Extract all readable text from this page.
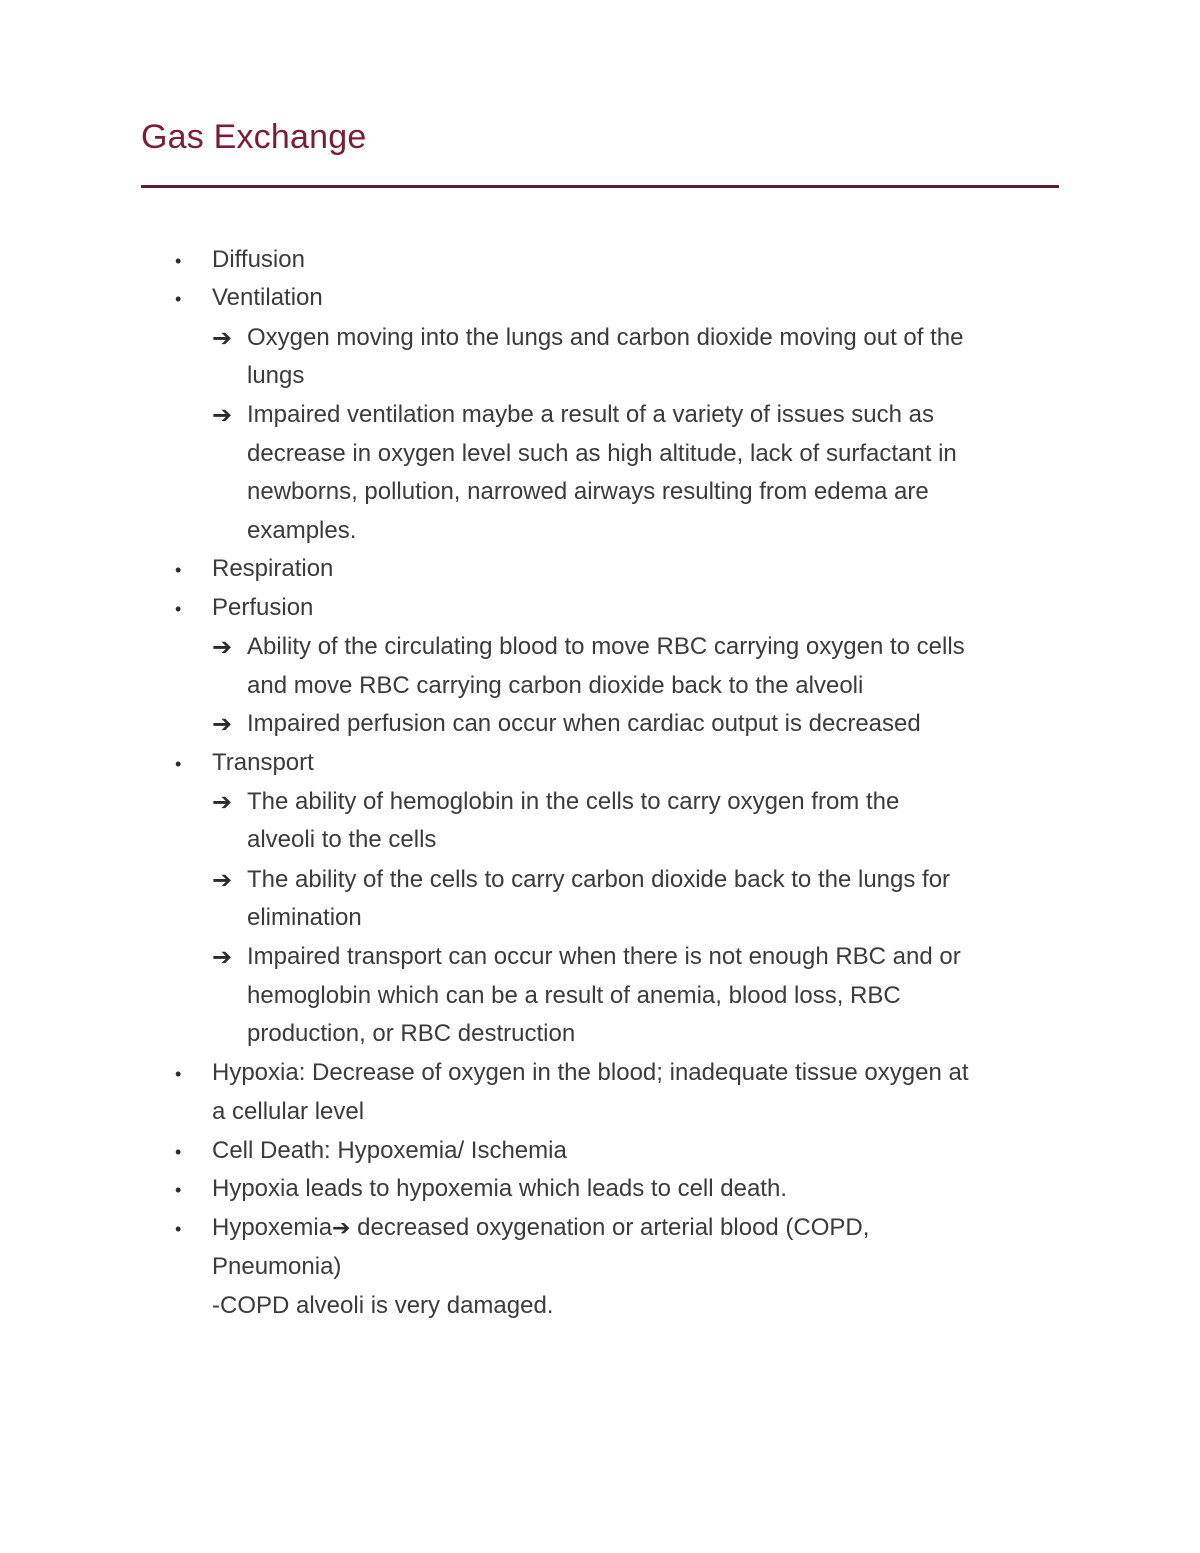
Gas Exchange
• Diffusion
• Ventilation
➔ Oxygen moving into the lungs and carbon dioxide moving out of the
lungs
➔ Impaired ventilation maybe a result of a variety of issues such as
decrease in oxygen level such as high altitude, lack of surfactant in
newborns, pollution, narrowed airways resulting from edema are
examples.
• Respiration
• Perfusion
➔ Ability of the circulating blood to move RBC carrying oxygen to cells
and move RBC carrying carbon dioxide back to the alveoli
➔ Impaired perfusion can occur when cardiac output is decreased
• Transport
➔ The ability of hemoglobin in the cells to carry oxygen from the
alveoli to the cells
➔ The ability of the cells to carry carbon dioxide back to the lungs for
elimination
➔ Impaired transport can occur when there is not enough RBC and or
hemoglobin which can be a result of anemia, blood loss, RBC
production, or RBC destruction
• Hypoxia: Decrease of oxygen in the blood; inadequate tissue oxygen at
a cellular level
• Cell Death: Hypoxemia/ Ischemia
• Hypoxia leads to hypoxemia which leads to cell death.
• Hypoxemia➔ decreased oxygenation or arterial blood (COPD,
Pneumonia)
-COPD alveoli is very damaged.
